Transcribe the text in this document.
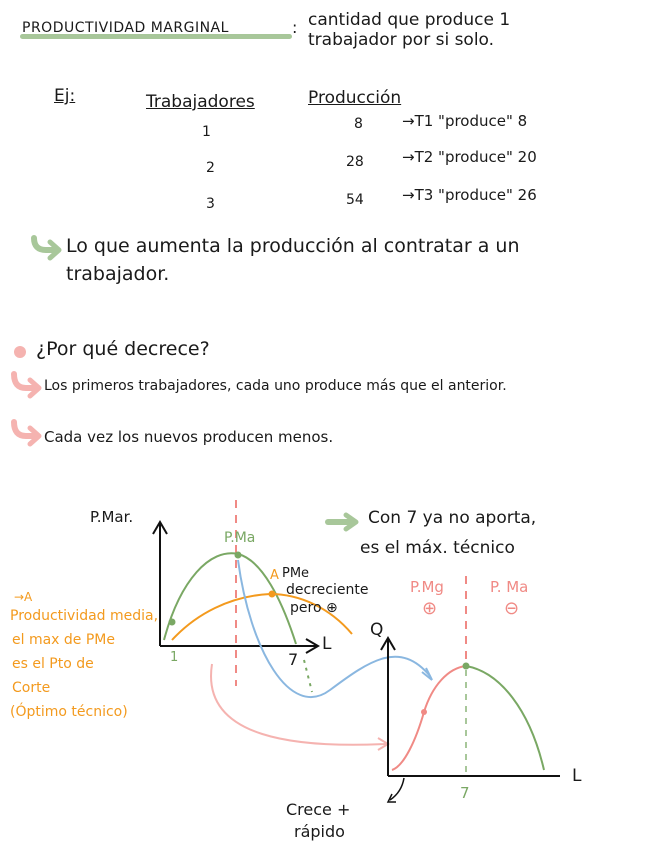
PRODUCTIVIDAD MARGINAL	: cantidad que produce 1 trabajador por si solo.
Ej:	Trabajadores	Producción
1	8	→T1 "produce" 8
2	28	→T2 "produce" 20
3	54	→T3 "produce" 26
Lo que aumenta la producción al contratar a un trabajador.
¿Por qué decrece?
Los primeros trabajadores, cada uno produce más que el anterior.
Cada vez los nuevos producen menos.
P.Mar.
L
1	7
P.Ma
A PMe
decreciente
pero ⊕
→A
Productividad media,
el max de PMe
es el Pto de
Corte
(Óptimo técnico)
Con 7 ya no aporta,
es el máx. técnico
Q
L
7
P.Mg
⊕
P. Ma
⊖
Crece +
rápido
